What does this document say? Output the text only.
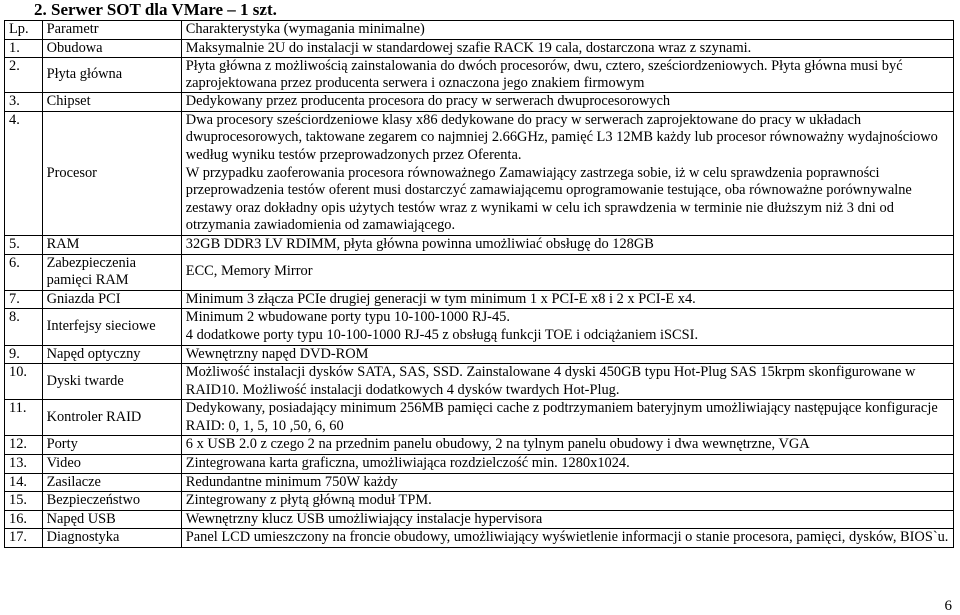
2. Serwer SOT dla VMare – 1 szt.
Lp.	Parametr	Charakterystyka (wymagania minimalne)
1.	Obudowa	Maksymalnie 2U do instalacji w standardowej szafie RACK 19 cala, dostarczona wraz z szynami.
2.	Płyta główna	Płyta główna z możliwością zainstalowania do dwóch procesorów, dwu, cztero, sześciordzeniowych. Płyta główna musi być zaprojektowana przez producenta serwera i oznaczona jego znakiem firmowym
3.	Chipset	Dedykowany przez producenta procesora do pracy w serwerach dwuprocesorowych
4.	Procesor	Dwa procesory sześciordzeniowe klasy x86 dedykowane do pracy w serwerach zaprojektowane do pracy w układach dwuprocesorowych, taktowane zegarem co najmniej 2.66GHz, pamięć L3 12MB każdy lub procesor równoważny wydajnościowo według wyniku testów przeprowadzonych przez Oferenta.
W przypadku zaoferowania procesora równoważnego Zamawiający zastrzega sobie, iż w celu sprawdzenia poprawności przeprowadzenia testów oferent musi dostarczyć zamawiającemu oprogramowanie testujące, oba równoważne porównywalne zestawy oraz dokładny opis użytych testów wraz z wynikami w celu ich sprawdzenia w terminie nie dłuższym niż 3 dni od otrzymania zawiadomienia od zamawiającego.

5.	RAM	32GB DDR3 LV RDIMM, płyta główna powinna umożliwiać obsługę do 128GB
6.	Zabezpieczenia pamięci RAM	ECC, Memory Mirror
7.	Gniazda PCI	Minimum 3 złącza PCIe drugiej generacji w tym minimum 1 x PCI-E x8 i 2 x PCI-E x4.
8.	Interfejsy sieciowe	Minimum 2 wbudowane porty typu 10-100-1000 RJ-45.
4 dodatkowe porty typu 10-100-1000 RJ-45 z obsługą funkcji TOE i odciążaniem iSCSI.

9.	Napęd optyczny	Wewnętrzny napęd DVD-ROM
10.	Dyski twarde	Możliwość instalacji dysków SATA, SAS, SSD. Zainstalowane 4 dyski 450GB typu Hot-Plug SAS 15krpm skonfigurowane w RAID10. Możliwość instalacji dodatkowych 4 dysków twardych Hot-Plug.
11.	Kontroler RAID	Dedykowany, posiadający minimum 256MB pamięci cache z podtrzymaniem bateryjnym umożliwiający następujące konfiguracje RAID: 0, 1, 5, 10 ,50, 6, 60
12.	Porty	6 x USB 2.0 z czego 2 na przednim panelu obudowy, 2 na tylnym panelu obudowy i dwa wewnętrzne, VGA
13.	Video	Zintegrowana karta graficzna, umożliwiająca rozdzielczość min. 1280x1024.
14.	Zasilacze	Redundantne minimum 750W każdy
15.	Bezpieczeństwo	Zintegrowany z płytą główną moduł TPM.
16.	Napęd USB	Wewnętrzny klucz USB umożliwiający instalacje hypervisora
17.	Diagnostyka	Panel LCD umieszczony na froncie obudowy, umożliwiający wyświetlenie informacji o stanie procesora, pamięci, dysków, BIOS`u.
6
